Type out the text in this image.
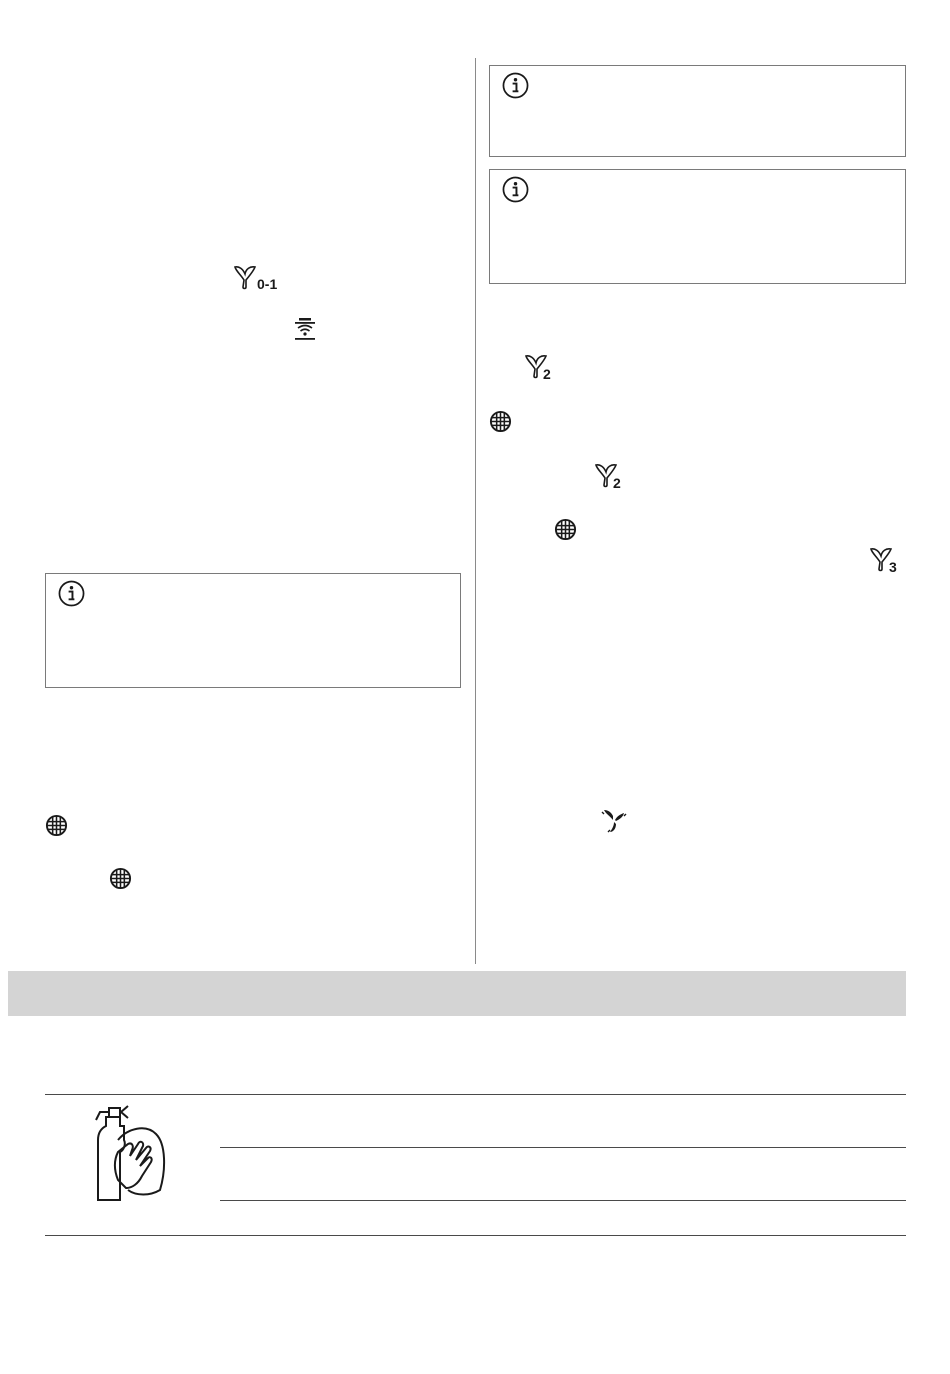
0-1
2
2
3
